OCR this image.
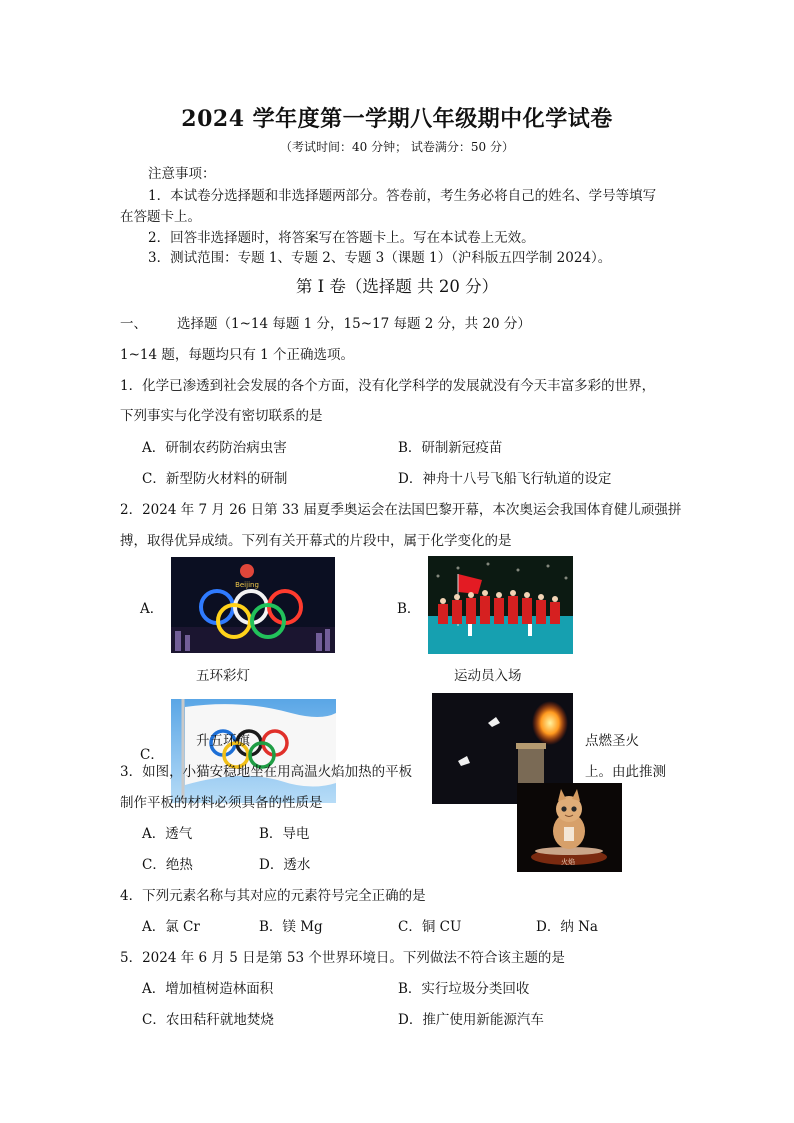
2024 学年度第一学期八年级期中化学试卷
（考试时间：40 分钟； 试卷满分：50 分）
注意事项：
1．本试卷分选择题和非选择题两部分。答卷前，考生务必将自己的姓名、学号等填写
在答题卡上。
2．回答非选择题时，将答案写在答题卡上。写在本试卷上无效。
3．测试范围：专题 1、专题 2、专题 3（课题 1）（沪科版五四学制 2024）。
第 I 卷（选择题 共 20 分）
一、 选择题（1~14 每题 1 分，15~17 每题 2 分，共 20 分）
1~14 题，每题均只有 1 个正确选项。
1．化学已渗透到社会发展的各个方面，没有化学科学的发展就没有今天丰富多彩的世界，
下列事实与化学没有密切联系的是
A．研制农药防治病虫害	B．研制新冠疫苗
C．新型防火材料的研制	D．神舟十八号飞船飞行轨道的设定
2．2024 年 7 月 26 日第 33 届夏季奥运会在法国巴黎开幕，本次奥运会我国体育健儿顽强拼
搏，取得优异成绩。下列有关开幕式的片段中，属于化学变化的是
A．
Beijing
B．
五环彩灯	运动员入场
C．
升五环旗	点燃圣火
3．如图，小猫安稳地坐在用高温火焰加热的平板	上。由此推测
制作平板的材料必须具备的性质是
火焰
A．透气	B．导电
C．绝热	D．透水
4．下列元素名称与其对应的元素符号完全正确的是
A．氯 Cr	B．镁 Mg	C．铜 CU	D．纳 Na
5．2024 年 6 月 5 日是第 53 个世界环境日。下列做法不符合该主题的是
A．增加植树造林面积	B．实行垃圾分类回收
C．农田秸秆就地焚烧	D．推广使用新能源汽车
